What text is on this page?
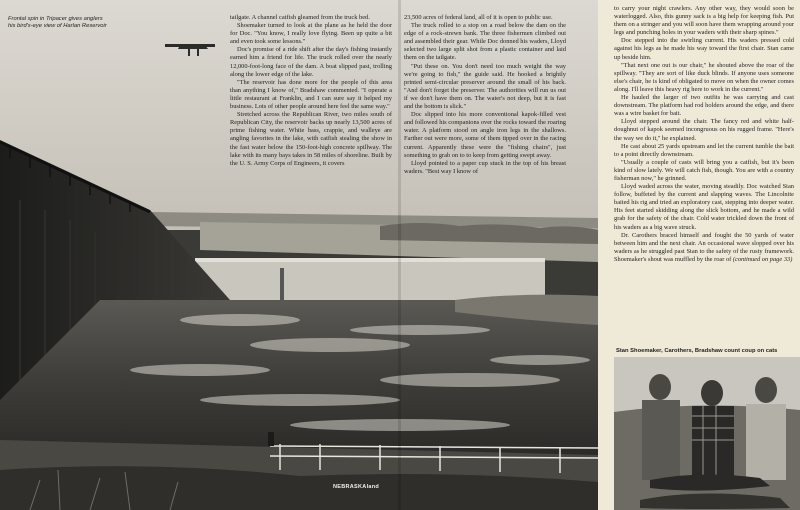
Frontal spin in Tripacer gives anglers
his bird's-eye view of Harlan Reservoir

tailgate. A channel catfish gleamed from the truck bed.

Shoemaker turned to look at the plane as he held the door for Doc. "You know, I really love flying. Been up quite a bit and even took some lessons."

Doc's promise of a ride shift after the day's fishing instantly earned him a friend for life. The truck rolled over the nearly 12,000-foot-long face of the dam. A boat slipped past, trolling along the lower edge of the lake.

"The reservoir has done more for the people of this area than anything I know of," Bradshaw commented. "I operate a little restaurant at Franklin, and I can sure say it helped my business. Lots of other people around here feel the same way."

Stretched across the Republican River, two miles south of Republican City, the reservoir backs up nearly 13,500 acres of prime fishing water. White bass, crappie, and walleye are angling favorites in the lake, with catfish stealing the show in the fast water below the 150-foot-high concrete spillway. The lake with its many bays takes in 58 miles of shoreline. Built by the U. S. Army Corps of Engineers, it covers

23,500 acres of federal land, all of it is open to public use.

The truck rolled to a stop on a road below the dam on the edge of a rock-strewn bank. The three fishermen climbed out and assembled their gear. While Doc donned his waders, Lloyd selected two large split shot from a plastic container and laid them on the tailgate.

"Put these on. You don't need too much weight the way we're going to fish," the guide said. He hooked a brightly printed semi-circular preserver around the small of his back. "And don't forget the preserver. The authorities will run us out if we don't have them on. The water's not deep, but it is fast and the bottom is slick."

Doc slipped into his more conventional kapok-filled vest and followed his companions over the rocks toward the roaring water. A platform stood on angle iron legs in the shallows. Farther out were more, some of them tipped over in the racing current. Apparently these were the "fishing chairs", just something to grab on to to keep from getting swept away.

Lloyd pointed to a paper cup stuck in the top of his breast waders. "Best way I know of

to carry your night crawlers. Any other way, they would soon be waterlogged. Also, this gunny sack is a big help for keeping fish. Put them on a stringer and you will soon have them wrapping around your legs and punching holes in your waders with their sharp spines."

Doc stepped into the swirling current. His waders pressed cold against his legs as he made his way toward the first chair. Stan came up beside him.

"That next one out is our chair," he shouted above the roar of the spillway. "They are sort of like duck blinds. If anyone uses someone else's chair, he is kind of obligated to move on when the owner comes along. I'll leave this heavy rig here to work in the current."

He hauled the larger of two outfits he was carrying and cast downstream. The platform had rod holders around the edge, and there was a wire basket for bait.

Lloyd stepped around the chair. The fancy red and white half-doughnut of kapok seemed incongruous on his rugged frame. "Here's the way we do it," he explained.

He cast about 25 yards upstream and let the current tumble the bait to a point directly downstream.

"Usually a couple of casts will bring you a catfish, but it's been kind of slow lately. We will catch fish, though. You are with a country fisherman now," he grinned.

Lloyd waded across the water, moving steadily. Doc watched Stan follow, buffeted by the current and slapping waves. The Lincolnite baited his rig and tried an exploratory cast, stepping into deeper water. His feet started skidding along the slick bottom, and he made a wild grab for the safety of the chair. Cold water trickled down the front of his waders as a big wave struck.

Dr. Carothers braced himself and fought the 50 yards of water between him and the next chair. An occasional wave slopped over his waders as he struggled past Stan to the safety of the rusty framework. Shoemaker's shout was muffled by the roar of (continued on page 33)

Stan Shoemaker, Carothers, Bradshaw count coup on cats
NEBRASKAland
